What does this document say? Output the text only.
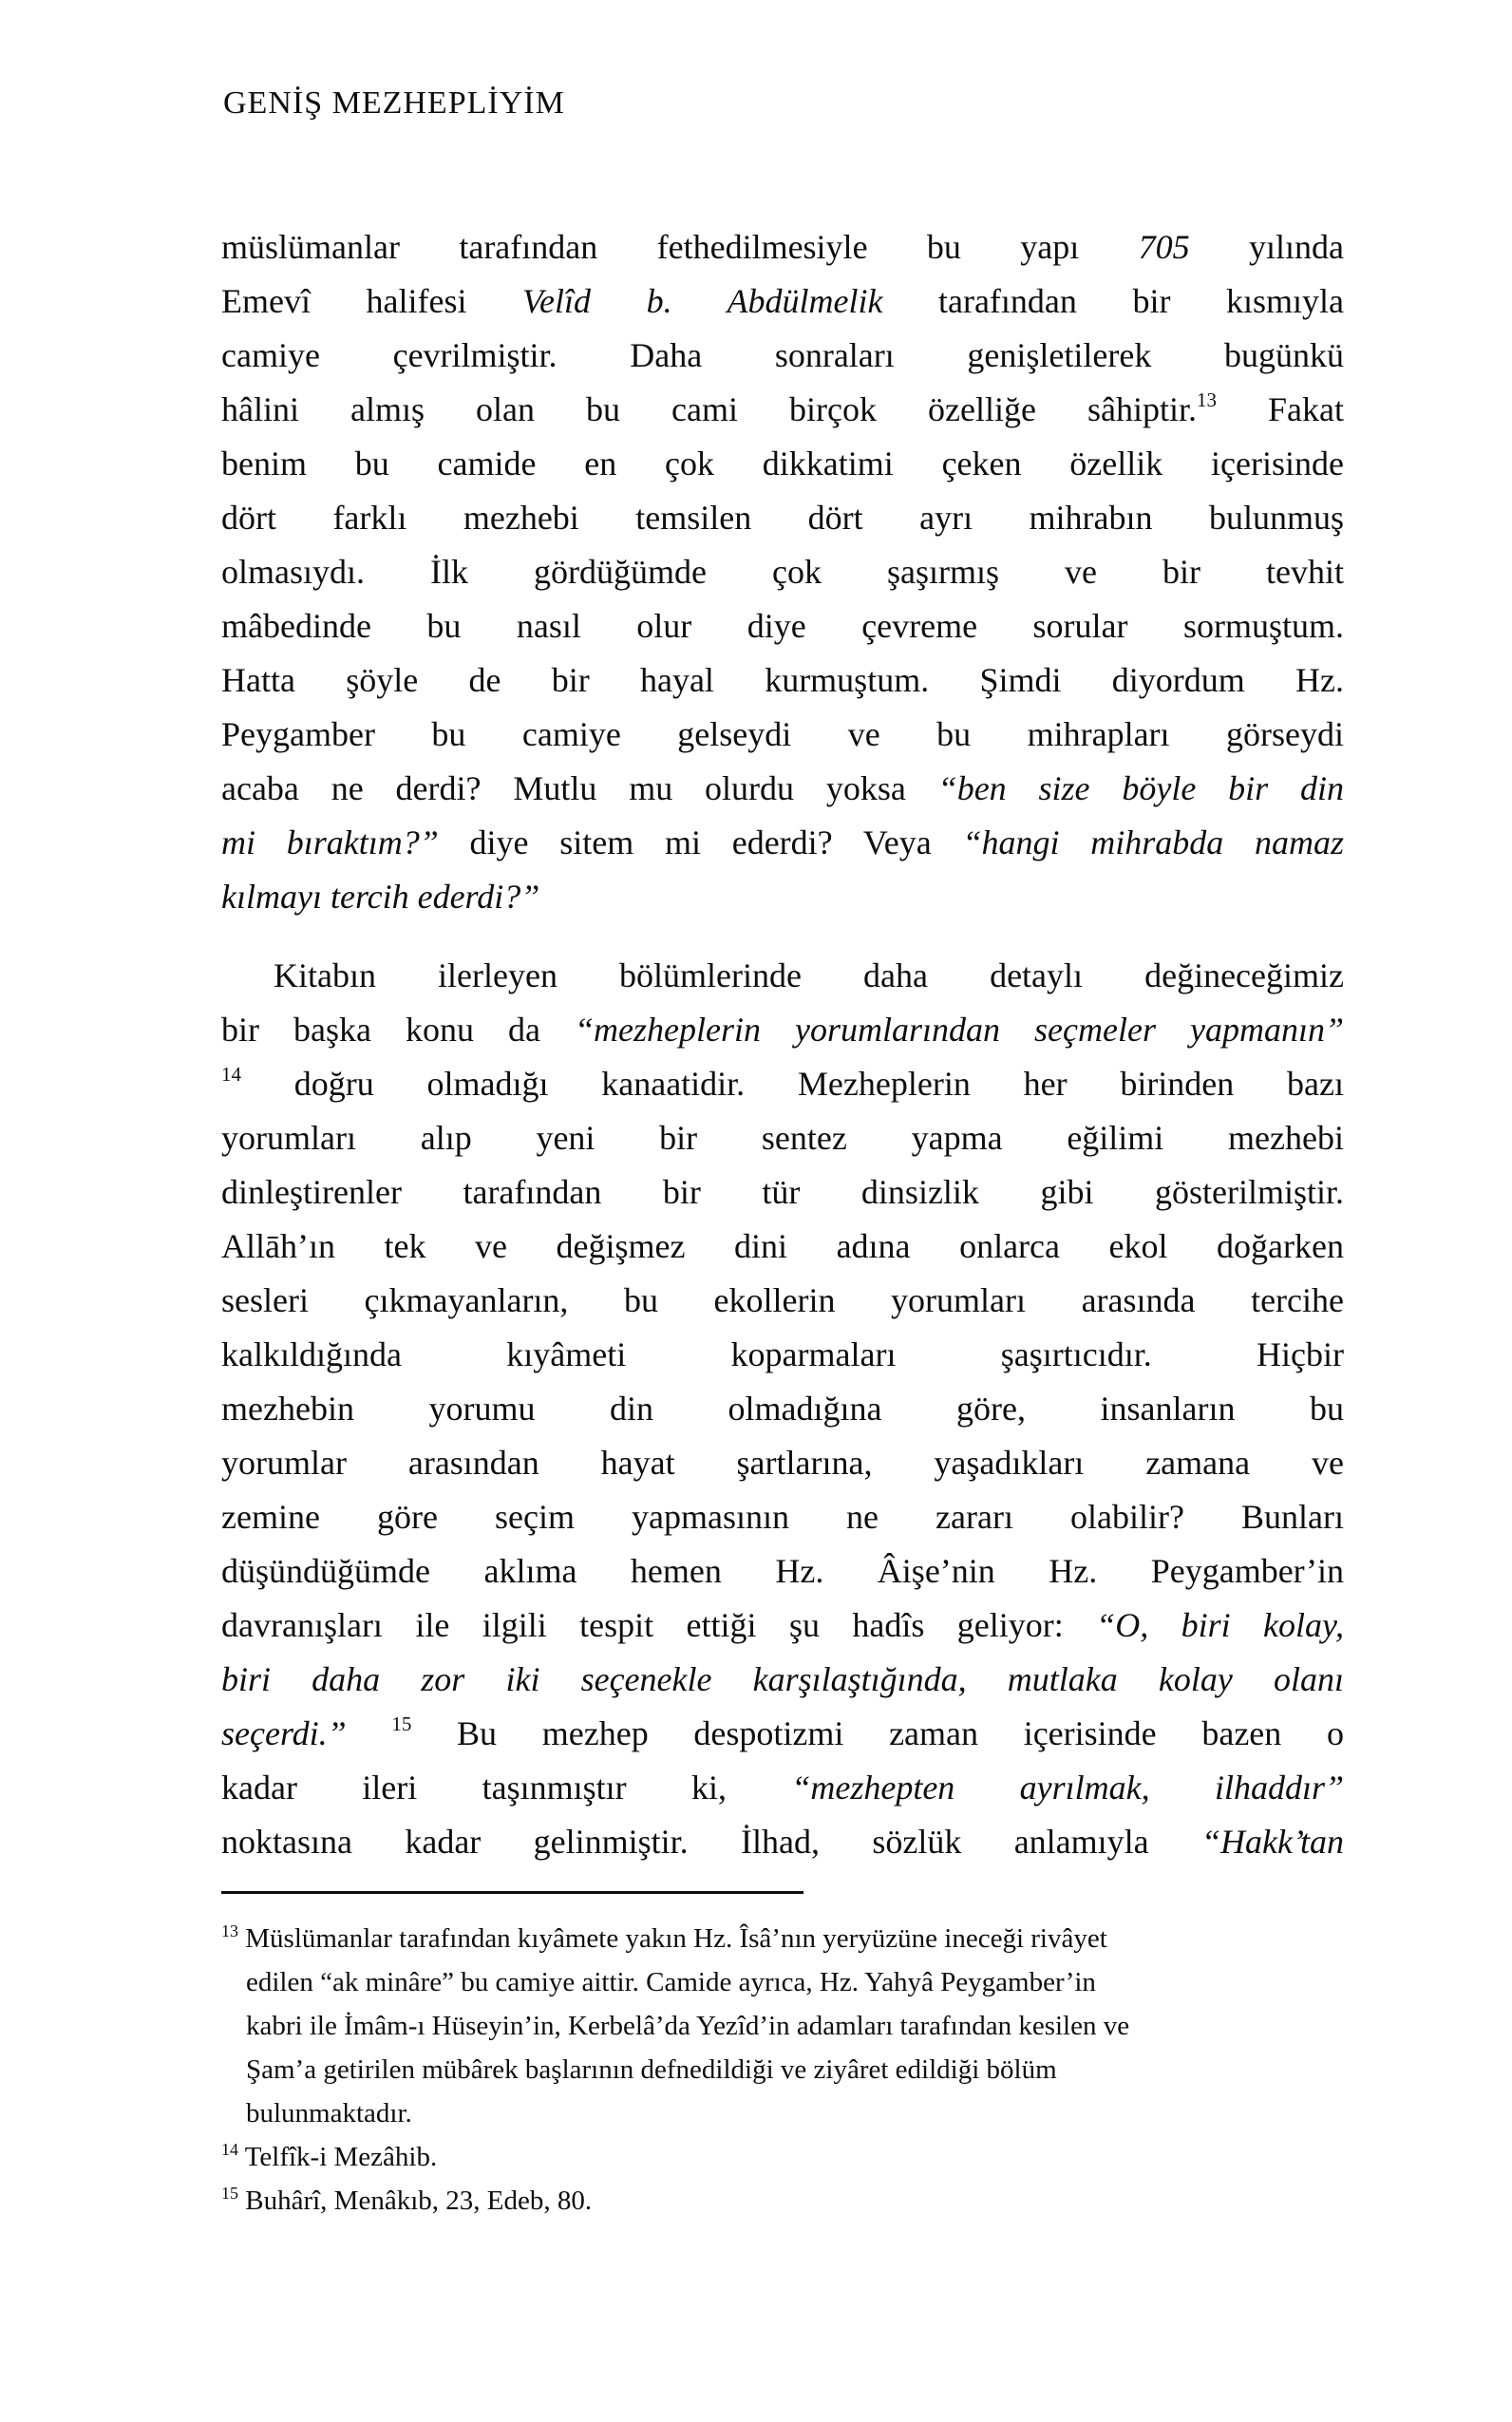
GENİŞ MEZHEPLİYİM
müslümanlar tarafından fethedilmesiyle bu yapı 705 yılında
Emevî halifesi Velîd b. Abdülmelik tarafından bir kısmıyla
camiye çevrilmiştir. Daha sonraları genişletilerek bugünkü
hâlini almış olan bu cami birçok özelliğe sâhiptir.$^{13}$ Fakat
benim bu camide en çok dikkatimi çeken özellik içerisinde
dört farklı mezhebi temsilen dört ayrı mihrabın bulunmuş
olmasıydı. İlk gördüğümde çok şaşırmış ve bir tevhit
mâbedinde bu nasıl olur diye çevreme sorular sormuştum.
Hatta şöyle de bir hayal kurmuştum. Şimdi diyordum Hz.
Peygamber bu camiye gelseydi ve bu mihrapları görseydi
acaba ne derdi? Mutlu mu olurdu yoksa “ben size böyle bir din
mi bıraktım?” diye sitem mi ederdi? Veya “hangi mihrabda namaz
kılmayı tercih ederdi?”
Kitabın ilerleyen bölümlerinde daha detaylı değineceğimiz
bir başka konu da “mezheplerin yorumlarından seçmeler yapmanın”
$^{14}$ doğru olmadığı kanaatidir. Mezheplerin her birinden bazı
yorumları alıp yeni bir sentez yapma eğilimi mezhebi
dinleştirenler tarafından bir tür dinsizlik gibi gösterilmiştir.
Allāh’ın tek ve değişmez dini adına onlarca ekol doğarken
sesleri çıkmayanların, bu ekollerin yorumları arasında tercihe
kalkıldığında kıyâmeti koparmaları şaşırtıcıdır. Hiçbir
mezhebin yorumu din olmadığına göre, insanların bu
yorumlar arasından hayat şartlarına, yaşadıkları zamana ve
zemine göre seçim yapmasının ne zararı olabilir? Bunları
düşündüğümde aklıma hemen Hz. Âişe’nin Hz. Peygamber’in
davranışları ile ilgili tespit ettiği şu hadîs geliyor: “O, biri kolay,
biri daha zor iki seçenekle karşılaştığında, mutlaka kolay olanı
seçerdi.” $^{15}$ Bu mezhep despotizmi zaman içerisinde bazen o
kadar ileri taşınmıştır ki, “mezhepten ayrılmak, ilhaddır”
noktasına kadar gelinmiştir. İlhad, sözlük anlamıyla “Hakk’tan
$^{13}$ Müslümanlar tarafından kıyâmete yakın Hz. Îsâ’nın yeryüzüne ineceği rivâyet
edilen “ak minâre” bu camiye aittir. Camide ayrıca, Hz. Yahyâ Peygamber’in
kabri ile İmâm-ı Hüseyin’in, Kerbelâ’da Yezîd’in adamları tarafından kesilen ve
Şam’a getirilen mübârek başlarının defnedildiği ve ziyâret edildiği bölüm
bulunmaktadır.
$^{14}$ Telfîk-i Mezâhib.
$^{15}$ Buhârî, Menâkıb, 23, Edeb, 80.
